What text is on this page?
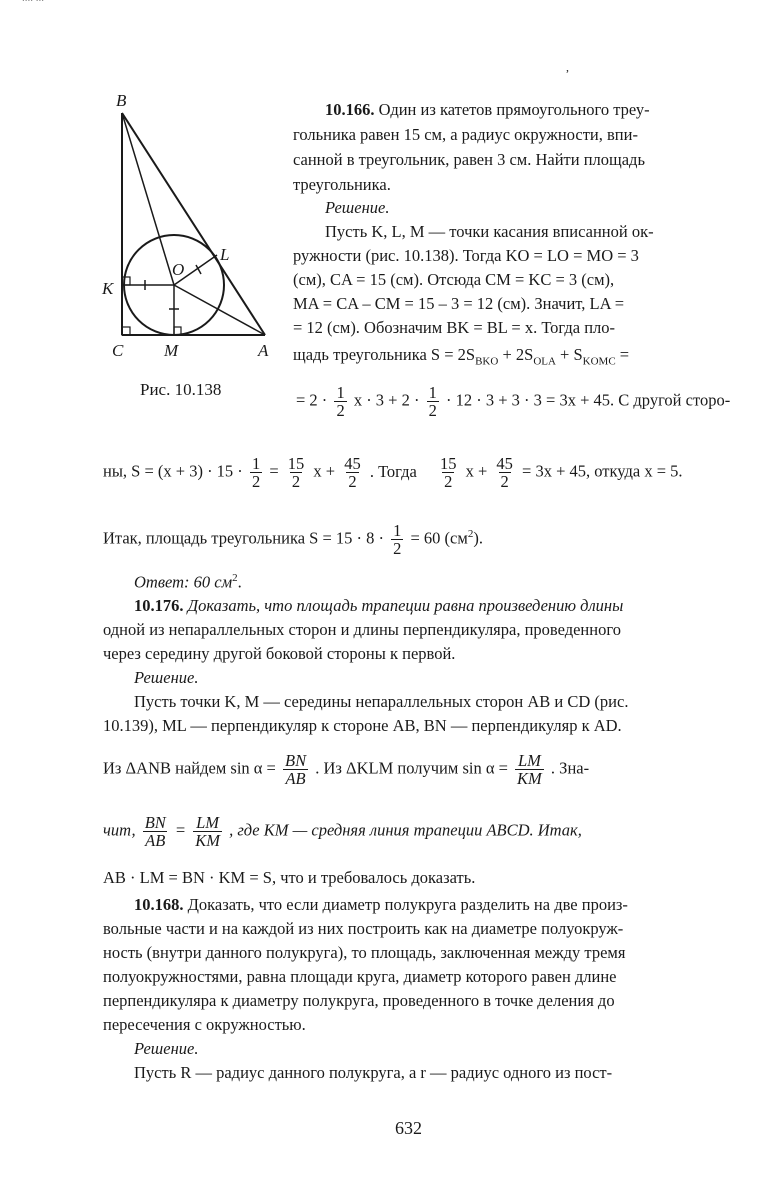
,
B
L
O
K
C M	A
Рис. 10.138
10.166. Один из катетов прямоугольного треу-
гольника равен 15 см, а радиус окружности, впи-
санной в треугольник, равен 3 см. Найти площадь
треугольника.
Решение.
Пусть K, L, M — точки касания вписанной ок-
ружности (рис. 10.138). Тогда KO = LO = MO = 3
(см), CA = 15 (см). Отсюда CM = KC = 3 (см),
MA = CA – CM = 15 – 3 = 12 (см). Значит, LA =
= 12 (см). Обозначим BK = BL = x. Тогда пло-
щадь треугольника $S = 2S_{BKO} + 2S_{OLA} + S_{KOMC}$ =
= $2 \cdot \frac{1}{2}$ $x \cdot 3 + 2 \cdot \frac{1}{2} \cdot 12 \cdot 3 + 3 \cdot 3 = 3x + 45$. С другой сторо-
ны, $S = (x + 3) \cdot 15 \cdot \frac{1}{2} = \frac{15}{2}$ $x + \frac{45}{2}$ . Тогда $\frac{15}{2}$ $x + \frac{45}{2} = 3x + 45$, откуда x = 5.
Итак, площадь треугольника $S = 15 \cdot 8 \cdot \frac{1}{2} = 60$ $(см^2)$.
Ответ: 60 $см^2$.
10.176. Доказать, что площадь трапеции равна произведению длины
одной из непараллельных сторон и длины перпендикуляра, проведенного
через середину другой боковой стороны к первой.
Решение.
Пусть точки K, M — середины непараллельных сторон AB и CD (рис.
10.139), ML — перпендикуляр к стороне AB, BN — перпендикуляр к AD.
Из ΔANB найдем $\sin \alpha = \frac{BN}{AB}$ . Из ΔKLM получим $\sin \alpha = \frac{LM}{KM}$ . Зна-
чит, $\frac{BN}{AB} = \frac{LM}{KM}$ , где KM — средняя линия трапеции ABCD. Итак,
AB · LM = BN · KM = S, что и требовалось доказать.
10.168. Доказать, что если диаметр полукруга разделить на две произ-
вольные части и на каждой из них построить как на диаметре полуокруж-
ность (внутри данного полукруга), то площадь, заключенная между тремя
полуокружностями, равна площади круга, диаметр которого равен длине
перпендикуляра к диаметру полукруга, проведенного в точке деления до
пересечения с окружностью.
Решение.
Пусть R — радиус данного полукруга, а r — радиус одного из пост-
632
